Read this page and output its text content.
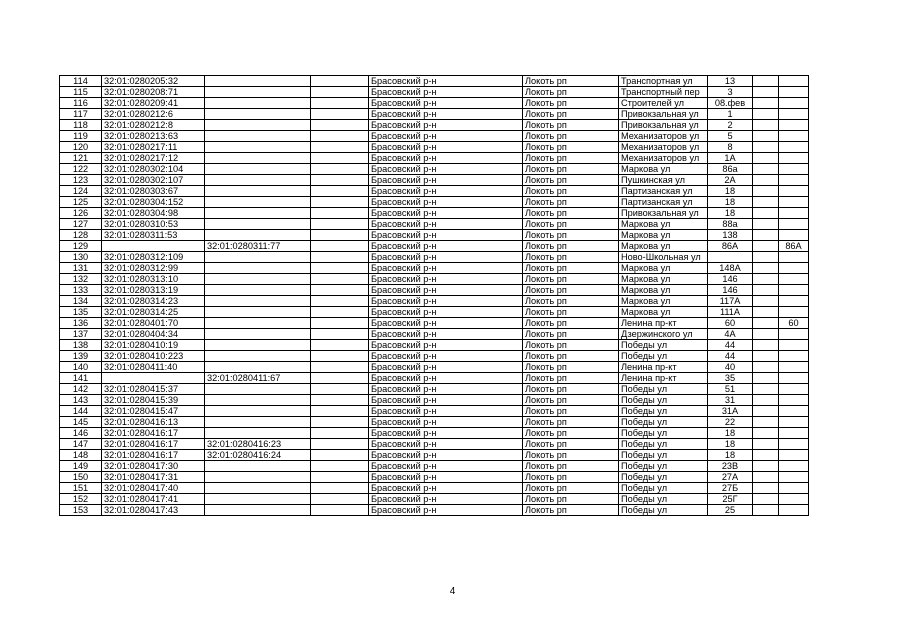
114	32:01:0280205:32			Брасовский р-н	Локоть рп	Транспортная ул	13		
115	32:01:0280208:71			Брасовский р-н	Локоть рп	Транспортный пер	3		
116	32:01:0280209:41			Брасовский р-н	Локоть рп	Строителей ул	08.фев		
117	32:01:0280212:6			Брасовский р-н	Локоть рп	Привокзальная ул	1		
118	32:01:0280212:8			Брасовский р-н	Локоть рп	Привокзальная ул	2		
119	32:01:0280213:63			Брасовский р-н	Локоть рп	Механизаторов ул	5		
120	32:01:0280217:11			Брасовский р-н	Локоть рп	Механизаторов ул	8		
121	32:01:0280217:12			Брасовский р-н	Локоть рп	Механизаторов ул	1А		
122	32:01:0280302:104			Брасовский р-н	Локоть рп	Маркова ул	86а		
123	32:01:0280302:107			Брасовский р-н	Локоть рп	Пушкинская ул	2А		
124	32:01:0280303:67			Брасовский р-н	Локоть рп	Партизанская ул	18		
125	32:01:0280304:152			Брасовский р-н	Локоть рп	Партизанская ул	18		
126	32:01:0280304:98			Брасовский р-н	Локоть рп	Привокзальная ул	18		
127	32:01:0280310:53			Брасовский р-н	Локоть рп	Маркова ул	88а		
128	32:01:0280311:53			Брасовский р-н	Локоть рп	Маркова ул	138		
129		32:01:0280311:77		Брасовский р-н	Локоть рп	Маркова ул	86А		86А
130	32:01:0280312:109			Брасовский р-н	Локоть рп	Ново-Школьная ул			
131	32:01:0280312:99			Брасовский р-н	Локоть рп	Маркова ул	148А		
132	32:01:0280313:10			Брасовский р-н	Локоть рп	Маркова ул	146		
133	32:01:0280313:19			Брасовский р-н	Локоть рп	Маркова ул	146		
134	32:01:0280314:23			Брасовский р-н	Локоть рп	Маркова ул	117А		
135	32:01:0280314:25			Брасовский р-н	Локоть рп	Маркова ул	111А		
136	32:01:0280401:70			Брасовский р-н	Локоть рп	Ленина пр-кт	60		60
137	32:01:0280404:34			Брасовский р-н	Локоть рп	Дзержинского ул	4А		
138	32:01:0280410:19			Брасовский р-н	Локоть рп	Победы ул	44		
139	32:01:0280410:223			Брасовский р-н	Локоть рп	Победы ул	44		
140	32:01:0280411:40			Брасовский р-н	Локоть рп	Ленина пр-кт	40		
141		32:01:0280411:67		Брасовский р-н	Локоть рп	Ленина пр-кт	35		
142	32:01:0280415:37			Брасовский р-н	Локоть рп	Победы ул	51		
143	32:01:0280415:39			Брасовский р-н	Локоть рп	Победы ул	31		
144	32:01:0280415:47			Брасовский р-н	Локоть рп	Победы ул	31А		
145	32:01:0280416:13			Брасовский р-н	Локоть рп	Победы ул	22		
146	32:01:0280416:17			Брасовский р-н	Локоть рп	Победы ул	18		
147	32:01:0280416:17	32:01:0280416:23		Брасовский р-н	Локоть рп	Победы ул	18		
148	32:01:0280416:17	32:01:0280416:24		Брасовский р-н	Локоть рп	Победы ул	18		
149	32:01:0280417:30			Брасовский р-н	Локоть рп	Победы ул	23В		
150	32:01:0280417:31			Брасовский р-н	Локоть рп	Победы ул	27А		
151	32:01:0280417:40			Брасовский р-н	Локоть рп	Победы ул	27Б		
152	32:01:0280417:41			Брасовский р-н	Локоть рп	Победы ул	25Г		
153	32:01:0280417:43			Брасовский р-н	Локоть рп	Победы ул	25		
4
